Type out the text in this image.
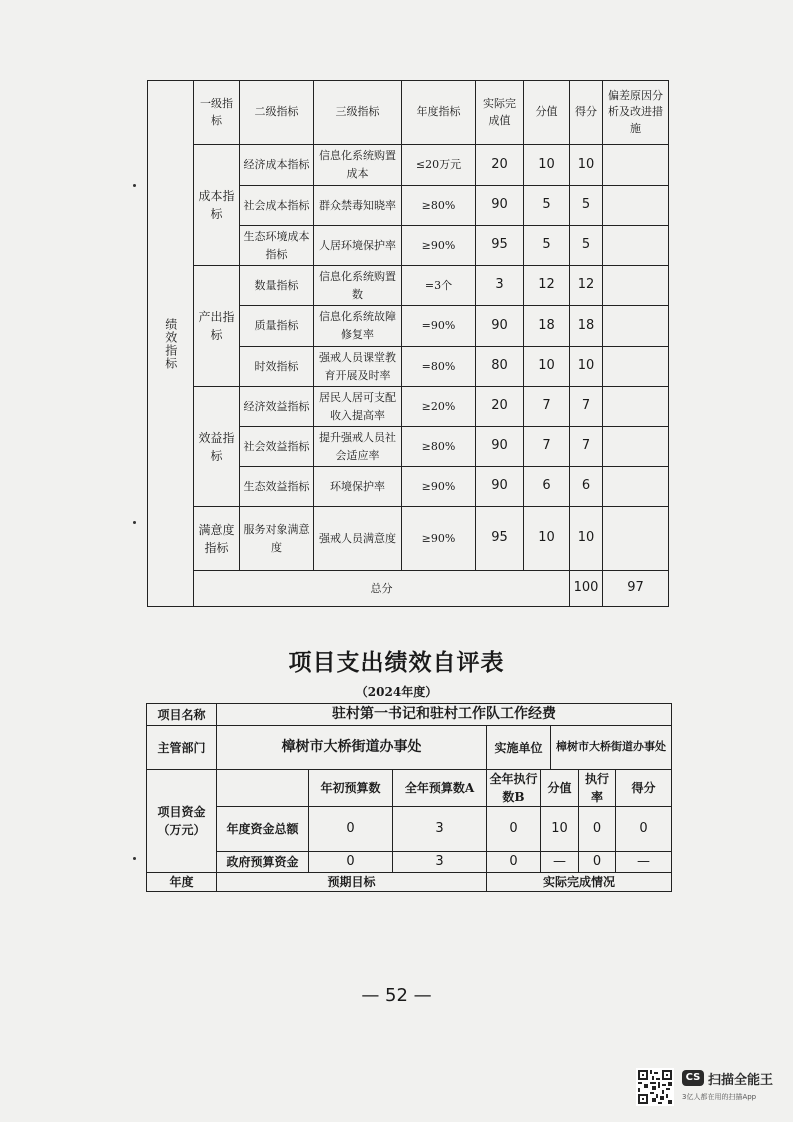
绩效指标	一级指标	二级指标	三级指标	年度指标	实际完成值	分值	得分	偏差原因分析及改进措施	
	成本指标	经济成本指标	信息化系统购置成本	≤20万元	20	10	10		
		社会成本指标	群众禁毒知晓率	≥80%	90	5	5		
		生态环境成本指标	人居环境保护率	≥90%	95	5	5		
	产出指标	数量指标	信息化系统购置数	=3个	3	12	12		
		质量指标	信息化系统故障修复率	=90%	90	18	18		
		时效指标	强戒人员课堂教育开展及时率	=80%	80	10	10		
	效益指标	经济效益指标	居民人居可支配收入提高率	≥20%	20	7	7		
		社会效益指标	提升强戒人员社会适应率	≥80%	90	7	7		
		生态效益指标	环境保护率	≥90%	90	6	6		
	满意度指标	服务对象满意度	强戒人员满意度	≥90%	95	10	10		
	总分						100	97	
项目支出绩效自评表
（2024年度）
项目名称	驻村第一书记和驻村工作队工作经费							
主管部门	樟树市大桥街道办事处			实施单位		樟树市大桥街道办事处		
项目资金（万元）		年初预算数	全年预算数A	全年执行数B	分值		执行率	得分
	年度资金总额	0	3	0	10		0	0
	政府预算资金	0	3	0	—		0	—
年度	预期目标			实际完成情况				
— 52 —
CS 扫描全能王
3亿人都在用的扫描App
